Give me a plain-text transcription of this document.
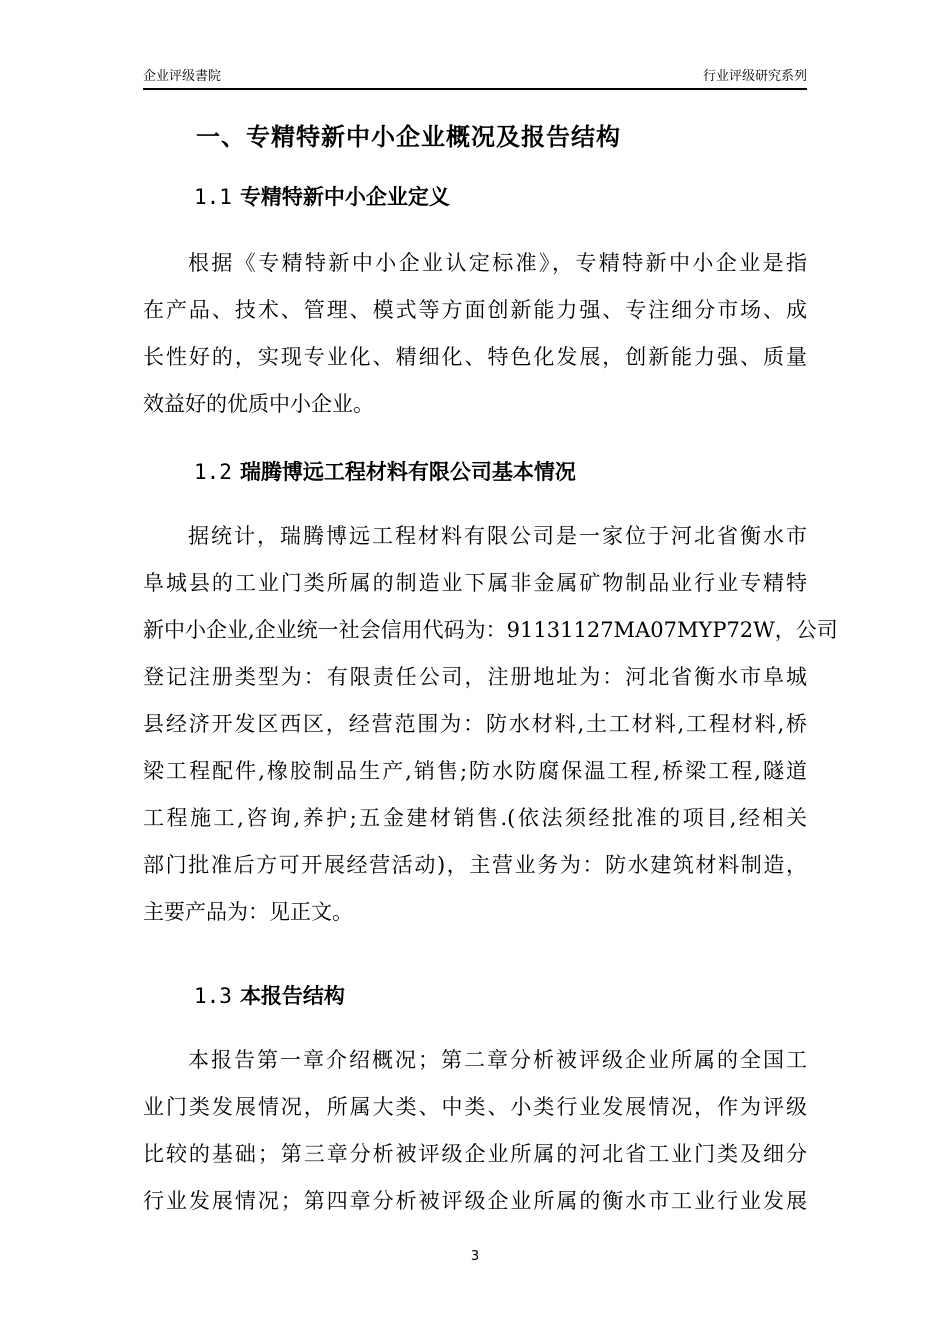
企业评级書院	行业评级研究系列
一、专精特新中小企业概况及报告结构
1.1 专精特新中小企业定义
根据《专精特新中小企业认定标准》，专精特新中小企业是指
在产品、技术、管理、模式等方面创新能力强、专注细分市场、成
长性好的，实现专业化、精细化、特色化发展，创新能力强、质量
效益好的优质中小企业。
1.2 瑞腾博远工程材料有限公司基本情况
据统计，瑞腾博远工程材料有限公司是一家位于河北省衡水市
阜城县的工业门类所属的制造业下属非金属矿物制品业行业专精特
新中小企业,企业统一社会信用代码为：91131127MA07MYP72W，公司
登记注册类型为：有限责任公司，注册地址为：河北省衡水市阜城
县经济开发区西区，经营范围为：防水材料,土工材料,工程材料,桥
梁工程配件,橡胶制品生产,销售;防水防腐保温工程,桥梁工程,隧道
工程施工,咨询,养护;五金建材销售.(依法须经批准的项目,经相关
部门批准后方可开展经营活动)，主营业务为：防水建筑材料制造，
主要产品为：见正文。
1.3 本报告结构
本报告第一章介绍概况；第二章分析被评级企业所属的全国工
业门类发展情况，所属大类、中类、小类行业发展情况，作为评级
比较的基础；第三章分析被评级企业所属的河北省工业门类及细分
行业发展情况；第四章分析被评级企业所属的衡水市工业行业发展
3
